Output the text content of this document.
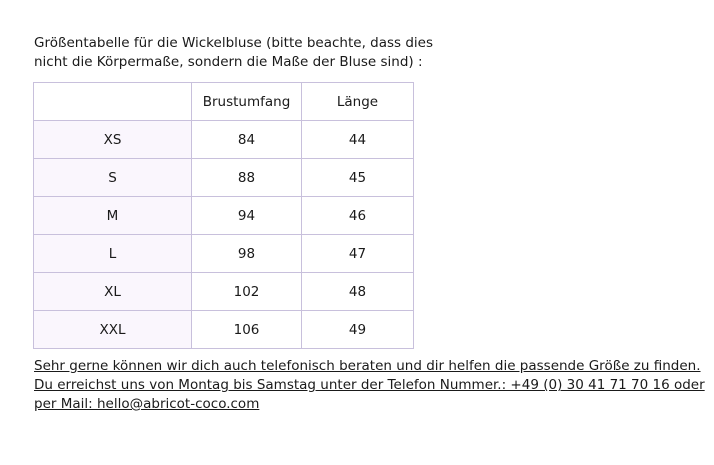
Größentabelle für die Wickelbluse (bitte beachte, dass dies
nicht die Körpermaße, sondern die Maße der Bluse sind) :

	Brustumfang	Länge
XS	84	44
S	88	45
M	94	46
L	98	47
XL	102	48
XXL	106	49

Sehr gerne können wir dich auch telefonisch beraten und dir helfen die passende Größe zu finden.
Du erreichst uns von Montag bis Samstag unter der Telefon Nummer.: +49 (0) 30 41 71 70 16 oder
per Mail: hello@abricot-coco.com
